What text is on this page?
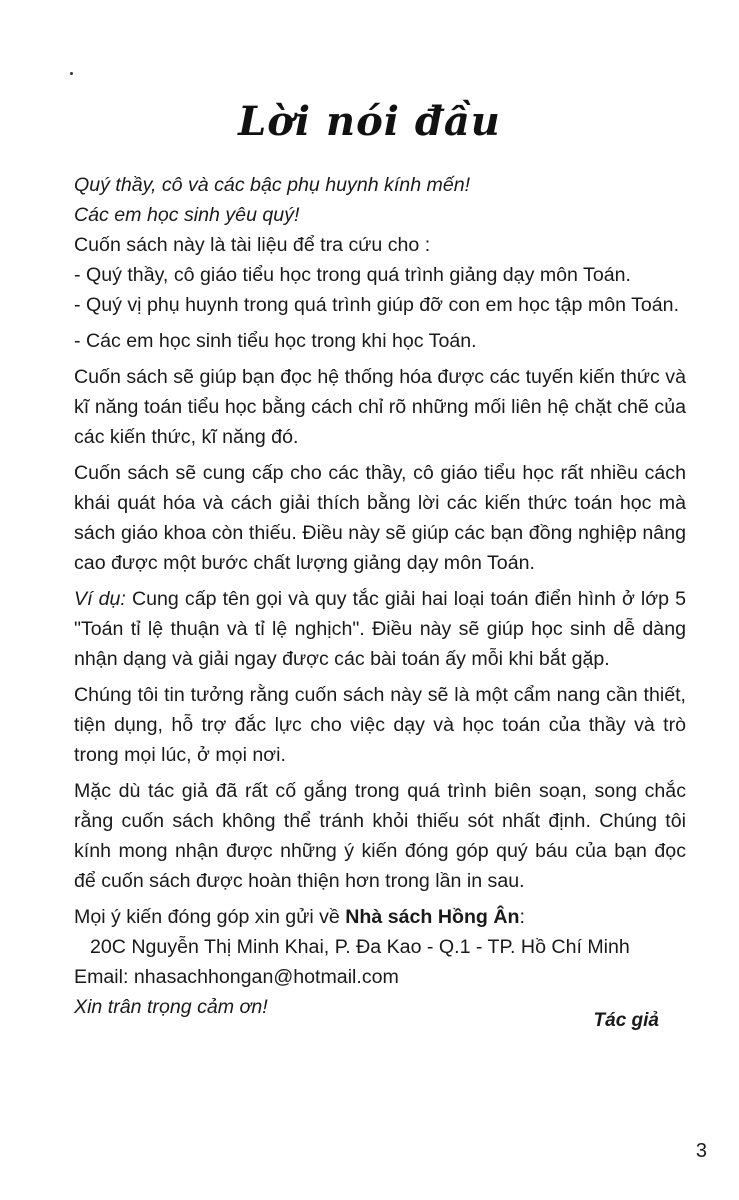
Lời nói đầu

Quý thầy, cô và các bậc phụ huynh kính mến!

Các em học sinh yêu quý!

Cuốn sách này là tài liệu để tra cứu cho :

- Quý thầy, cô giáo tiểu học trong quá trình giảng dạy môn Toán.

- Quý vị phụ huynh trong quá trình giúp đỡ con em học tập môn Toán.

- Các em học sinh tiểu học trong khi học Toán.

Cuốn sách sẽ giúp bạn đọc hệ thống hóa được các tuyến kiến thức và kĩ năng toán tiểu học bằng cách chỉ rõ những mối liên hệ chặt chẽ của các kiến thức, kĩ năng đó.

Cuốn sách sẽ cung cấp cho các thầy, cô giáo tiểu học rất nhiều cách khái quát hóa và cách giải thích bằng lời các kiến thức toán học mà sách giáo khoa còn thiếu. Điều này sẽ giúp các bạn đồng nghiệp nâng cao được một bước chất lượng giảng dạy môn Toán.

Ví dụ: Cung cấp tên gọi và quy tắc giải hai loại toán điển hình ở lớp 5 "Toán tỉ lệ thuận và tỉ lệ nghịch". Điều này sẽ giúp học sinh dễ dàng nhận dạng và giải ngay được các bài toán ấy mỗi khi bắt gặp.

Chúng tôi tin tưởng rằng cuốn sách này sẽ là một cẩm nang cần thiết, tiện dụng, hỗ trợ đắc lực cho việc dạy và học toán của thầy và trò trong mọi lúc, ở mọi nơi.

Mặc dù tác giả đã rất cố gắng trong quá trình biên soạn, song chắc rằng cuốn sách không thể tránh khỏi thiếu sót nhất định. Chúng tôi kính mong nhận được những ý kiến đóng góp quý báu của bạn đọc để cuốn sách được hoàn thiện hơn trong lần in sau.

Mọi ý kiến đóng góp xin gửi về Nhà sách Hồng Ân:

20C Nguyễn Thị Minh Khai, P. Đa Kao - Q.1 - TP. Hồ Chí Minh

Email: nhasachhongan@hotmail.com

Xin trân trọng cảm ơn!

Tác giả
3
